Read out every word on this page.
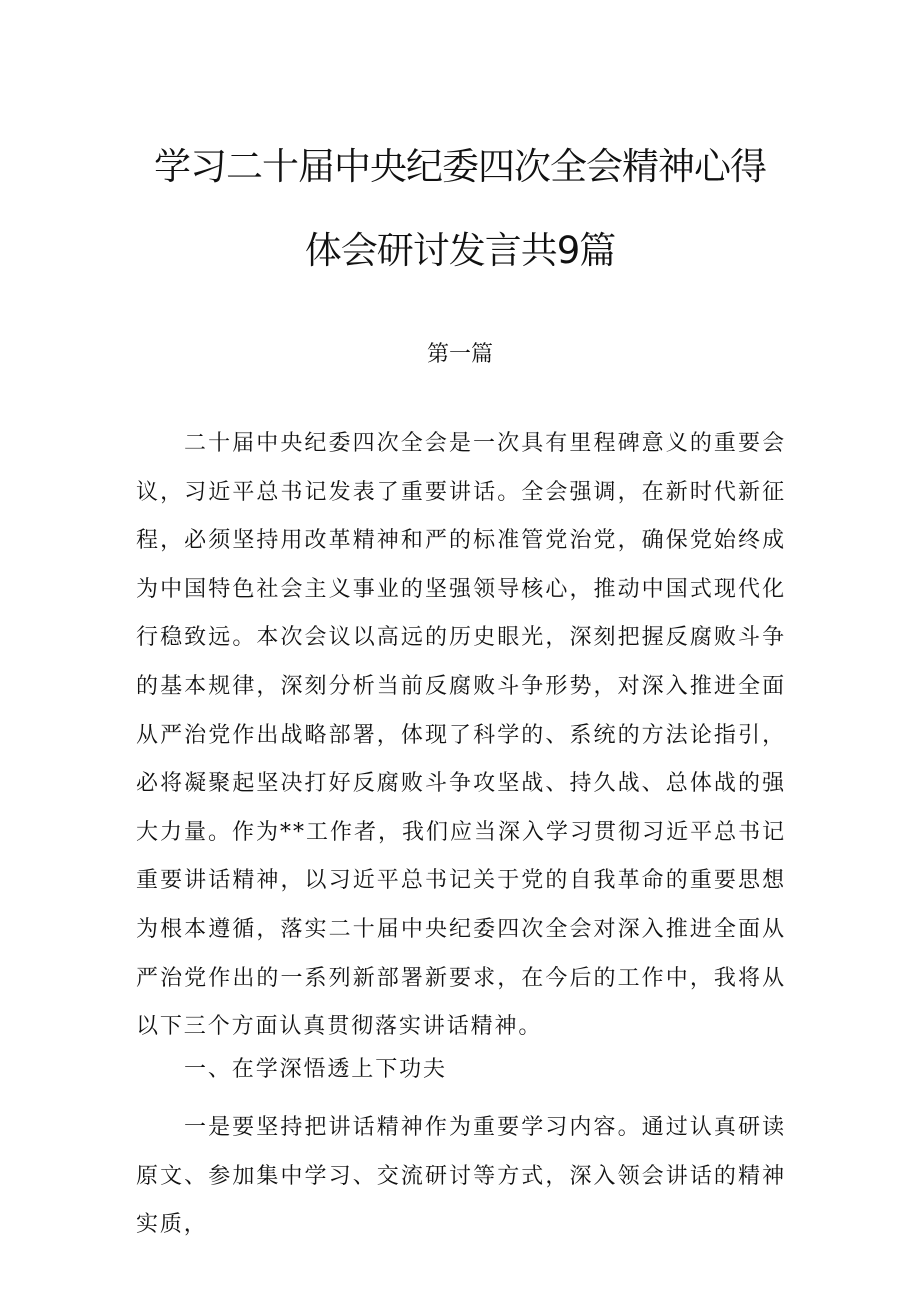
学习二十届中央纪委四次全会精神心得
体会研讨发言共9篇
第一篇
二十届中央纪委四次全会是一次具有里程碑意义的重要会议，习近平总书记发表了重要讲话。全会强调，在新时代新征程，必须坚持用改革精神和严的标准管党治党，确保党始终成为中国特色社会主义事业的坚强领导核心，推动中国式现代化行稳致远。本次会议以高远的历史眼光，深刻把握反腐败斗争的基本规律，深刻分析当前反腐败斗争形势，对深入推进全面从严治党作出战略部署，体现了科学的、系统的方法论指引，必将凝聚起坚决打好反腐败斗争攻坚战、持久战、总体战的强大力量。作为**工作者，我们应当深入学习贯彻习近平总书记重要讲话精神，以习近平总书记关于党的自我革命的重要思想为根本遵循，落实二十届中央纪委四次全会对深入推进全面从严治党作出的一系列新部署新要求，在今后的工作中，我将从以下三个方面认真贯彻落实讲话精神。
一、在学深悟透上下功夫
一是要坚持把讲话精神作为重要学习内容。通过认真研读原文、参加集中学习、交流研讨等方式，深入领会讲话的精神实质，
